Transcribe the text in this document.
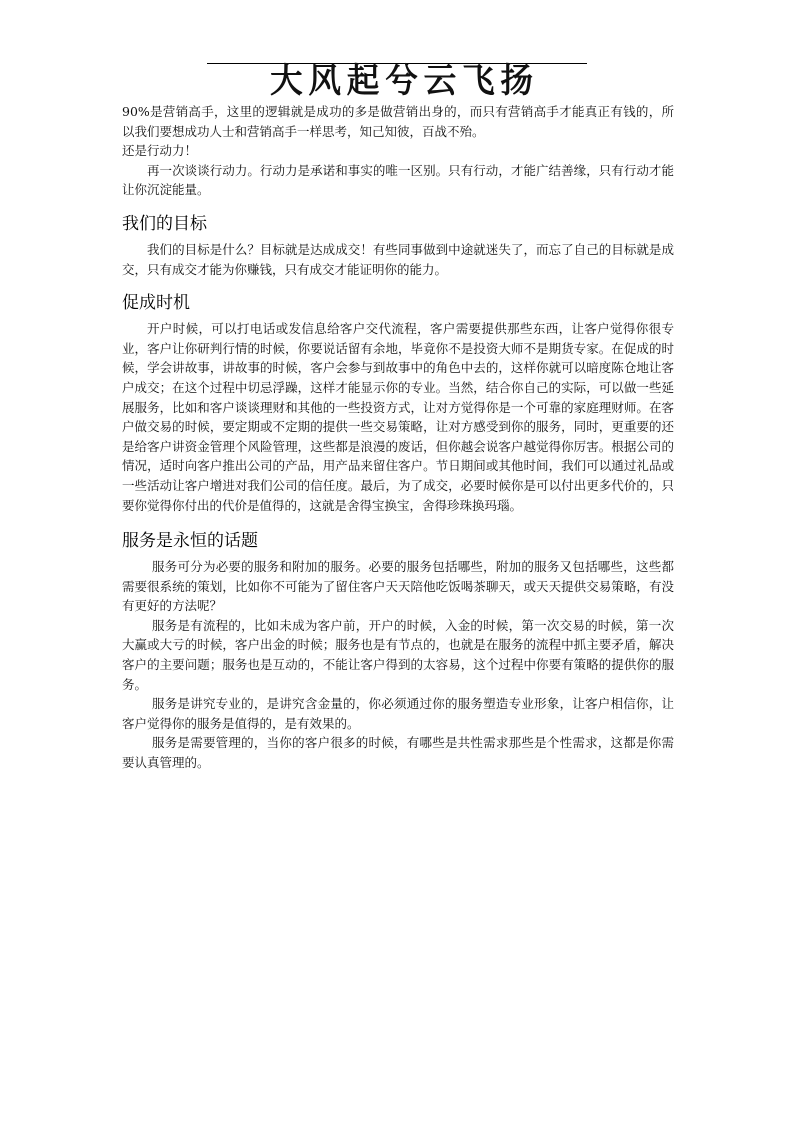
大风起兮云飞扬

90%是营销高手，这里的逻辑就是成功的多是做营销出身的，而只有营销高手才能真正有钱的，所以我们要想成功人士和营销高手一样思考，知己知彼，百战不殆。

还是行动力！

再一次谈谈行动力。行动力是承诺和事实的唯一区别。只有行动，才能广结善缘，只有行动才能让你沉淀能量。

我们的目标

我们的目标是什么？目标就是达成成交！有些同事做到中途就迷失了，而忘了自己的目标就是成交，只有成交才能为你赚钱，只有成交才能证明你的能力。

促成时机

开户时候，可以打电话或发信息给客户交代流程，客户需要提供那些东西，让客户觉得你很专业，客户让你研判行情的时候，你要说话留有余地，毕竟你不是投资大师不是期货专家。在促成的时候，学会讲故事，讲故事的时候，客户会参与到故事中的角色中去的，这样你就可以暗度陈仓地让客户成交；在这个过程中切忌浮躁，这样才能显示你的专业。当然，结合你自己的实际，可以做一些延展服务，比如和客户谈谈理财和其他的一些投资方式，让对方觉得你是一个可靠的家庭理财师。在客户做交易的时候，要定期或不定期的提供一些交易策略，让对方感受到你的服务，同时，更重要的还是给客户讲资金管理个风险管理，这些都是浪漫的废话，但你越会说客户越觉得你厉害。根据公司的情况，适时向客户推出公司的产品，用产品来留住客户。节日期间或其他时间，我们可以通过礼品或一些活动让客户增进对我们公司的信任度。最后，为了成交，必要时候你是可以付出更多代价的，只要你觉得你付出的代价是值得的，这就是舍得宝换宝，舍得珍珠换玛瑙。

服务是永恒的话题

服务可分为必要的服务和附加的服务。必要的服务包括哪些，附加的服务又包括哪些，这些都需要很系统的策划，比如你不可能为了留住客户天天陪他吃饭喝茶聊天，或天天提供交易策略，有没有更好的方法呢？

服务是有流程的，比如未成为客户前，开户的时候，入金的时候，第一次交易的时候，第一次大赢或大亏的时候，客户出金的时候；服务也是有节点的，也就是在服务的流程中抓主要矛盾，解决客户的主要问题；服务也是互动的，不能让客户得到的太容易，这个过程中你要有策略的提供你的服务。

服务是讲究专业的，是讲究含金量的，你必须通过你的服务塑造专业形象，让客户相信你，让客户觉得你的服务是值得的，是有效果的。

服务是需要管理的，当你的客户很多的时候，有哪些是共性需求那些是个性需求，这都是你需要认真管理的。
